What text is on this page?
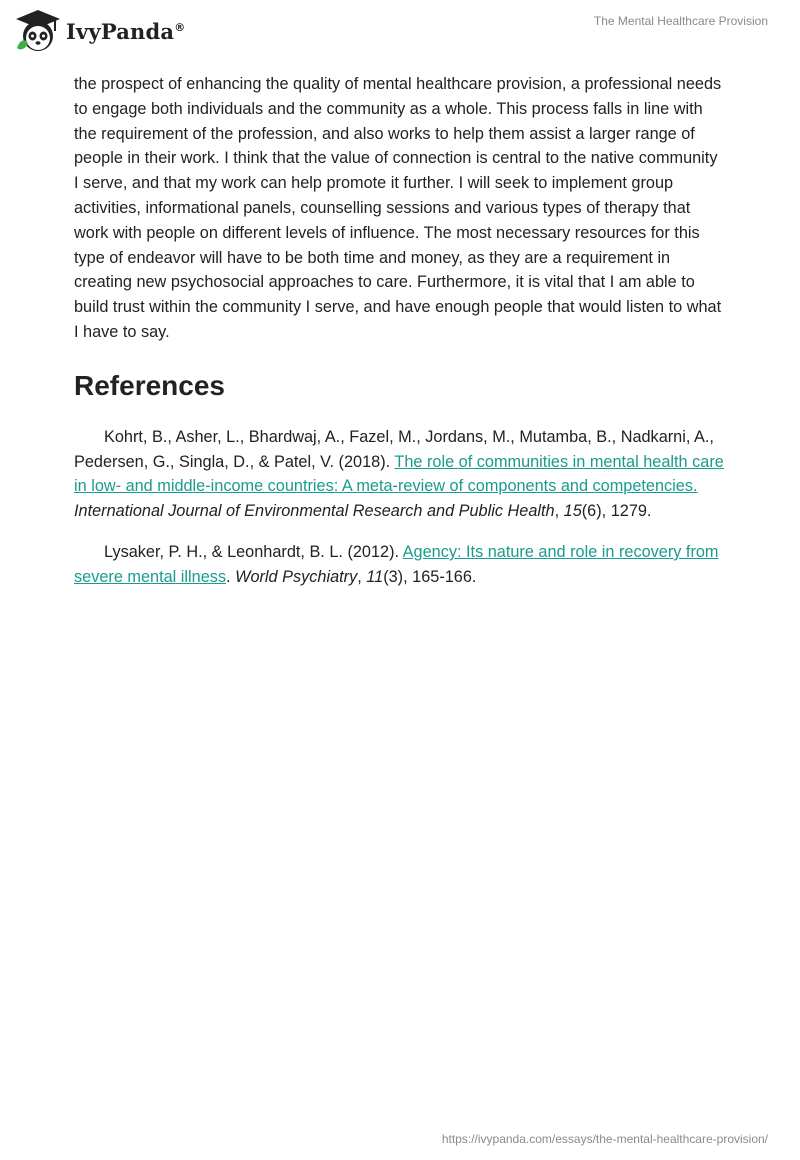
IvyPanda®	The Mental Healthcare Provision

the prospect of enhancing the quality of mental healthcare provision, a professional needs to engage both individuals and the community as a whole. This process falls in line with the requirement of the profession, and also works to help them assist a larger range of people in their work. I think that the value of connection is central to the native community I serve, and that my work can help promote it further. I will seek to implement group activities, informational panels, counselling sessions and various types of therapy that work with people on different levels of influence. The most necessary resources for this type of endeavor will have to be both time and money, as they are a requirement in creating new psychosocial approaches to care. Furthermore, it is vital that I am able to build trust within the community I serve, and have enough people that would listen to what I have to say.

References

Kohrt, B., Asher, L., Bhardwaj, A., Fazel, M., Jordans, M., Mutamba, B., Nadkarni, A., Pedersen, G., Singla, D., & Patel, V. (2018). The role of communities in mental health care in low- and middle-income countries: A meta-review of components and competencies. International Journal of Environmental Research and Public Health, 15(6), 1279.

Lysaker, P. H., & Leonhardt, B. L. (2012). Agency: Its nature and role in recovery from severe mental illness. World Psychiatry, 11(3), 165-166.

https://ivypanda.com/essays/the-mental-healthcare-provision/
